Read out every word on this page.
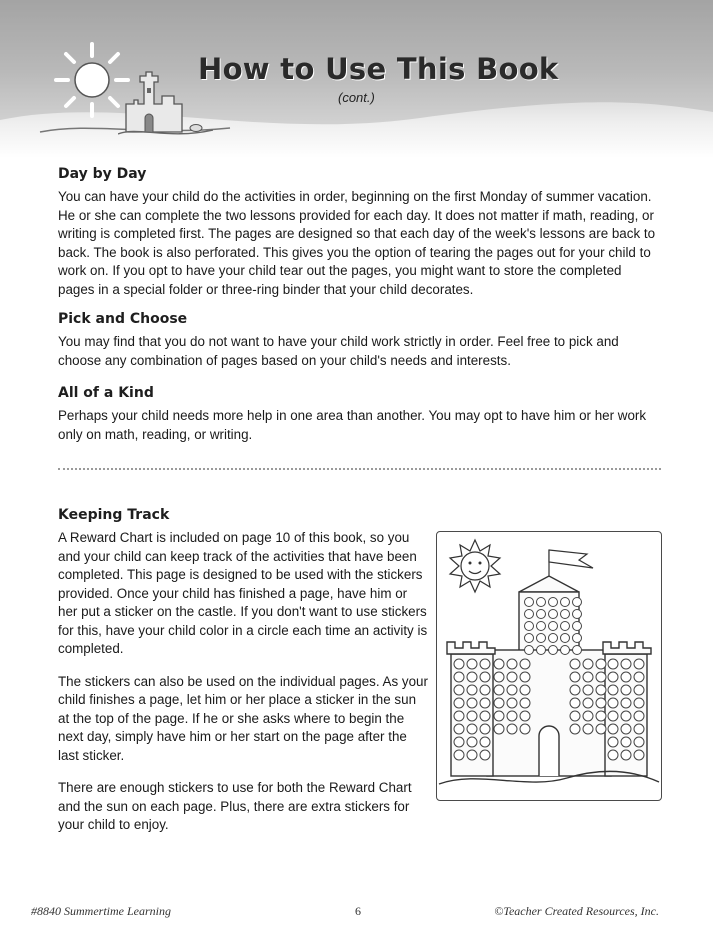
How to Use This Book
(cont.)
Day by Day

You can have your child do the activities in order, beginning on the first Monday of summer vacation. He or she can complete the two lessons provided for each day. It does not matter if math, reading, or writing is completed first. The pages are designed so that each day of the week's lessons are back to back. The book is also perforated. This gives you the option of tearing the pages out for your child to work on. If you opt to have your child tear out the pages, you might want to store the completed pages in a special folder or three-ring binder that your child decorates.

Pick and Choose

You may find that you do not want to have your child work strictly in order. Feel free to pick and choose any combination of pages based on your child's needs and interests.

All of a Kind

Perhaps your child needs more help in one area than another. You may opt to have him or her work only on math, reading, or writing.

Keeping Track

A Reward Chart is included on page 10 of this book, so you and your child can keep track of the activities that have been completed. This page is designed to be used with the stickers provided. Once your child has finished a page, have him or her put a sticker on the castle. If you don't want to use stickers for this, have your child color in a circle each time an activity is completed.

The stickers can also be used on the individual pages. As your child finishes a page, let him or her place a sticker in the sun at the top of the page. If he or she asks where to begin the next day, simply have him or her start on the page after the last sticker.

There are enough stickers to use for both the Reward Chart and the sun on each page. Plus, there are extra stickers for your child to enjoy.

#8840 Summertime Learning	6	©Teacher Created Resources, Inc.
